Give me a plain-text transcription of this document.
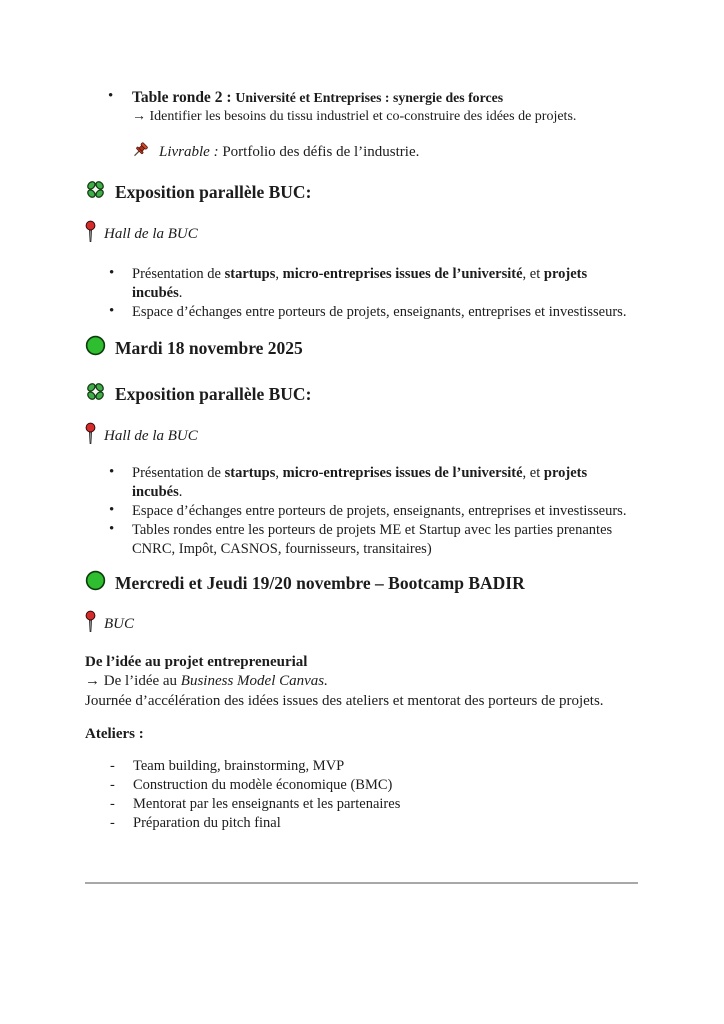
• Table ronde 2 : Université et Entreprises : synergie des forces
→ Identifier les besoins du tissu industriel et co-construire des idées de projets.
Livrable : Portfolio des défis de l’industrie.
Exposition parallèle BUC:
Hall de la BUC
• Présentation de startups, micro-entreprises issues de l’université, et projets
incubés.
• Espace d’échanges entre porteurs de projets, enseignants, entreprises et investisseurs.
Mardi 18 novembre 2025
Exposition parallèle BUC:
Hall de la BUC
• Présentation de startups, micro-entreprises issues de l’université, et projets
incubés.
• Espace d’échanges entre porteurs de projets, enseignants, entreprises et investisseurs.
• Tables rondes entre les porteurs de projets ME et Startup avec les parties prenantes
CNRC, Impôt, CASNOS, fournisseurs, transitaires)
Mercredi et Jeudi 19/20 novembre – Bootcamp BADIR
BUC
De l’idée au projet entrepreneurial
→ De l’idée au Business Model Canvas.
Journée d’accélération des idées issues des ateliers et mentorat des porteurs de projets.
Ateliers :
- Team building, brainstorming, MVP
- Construction du modèle économique (BMC)
- Mentorat par les enseignants et les partenaires
- Préparation du pitch final
